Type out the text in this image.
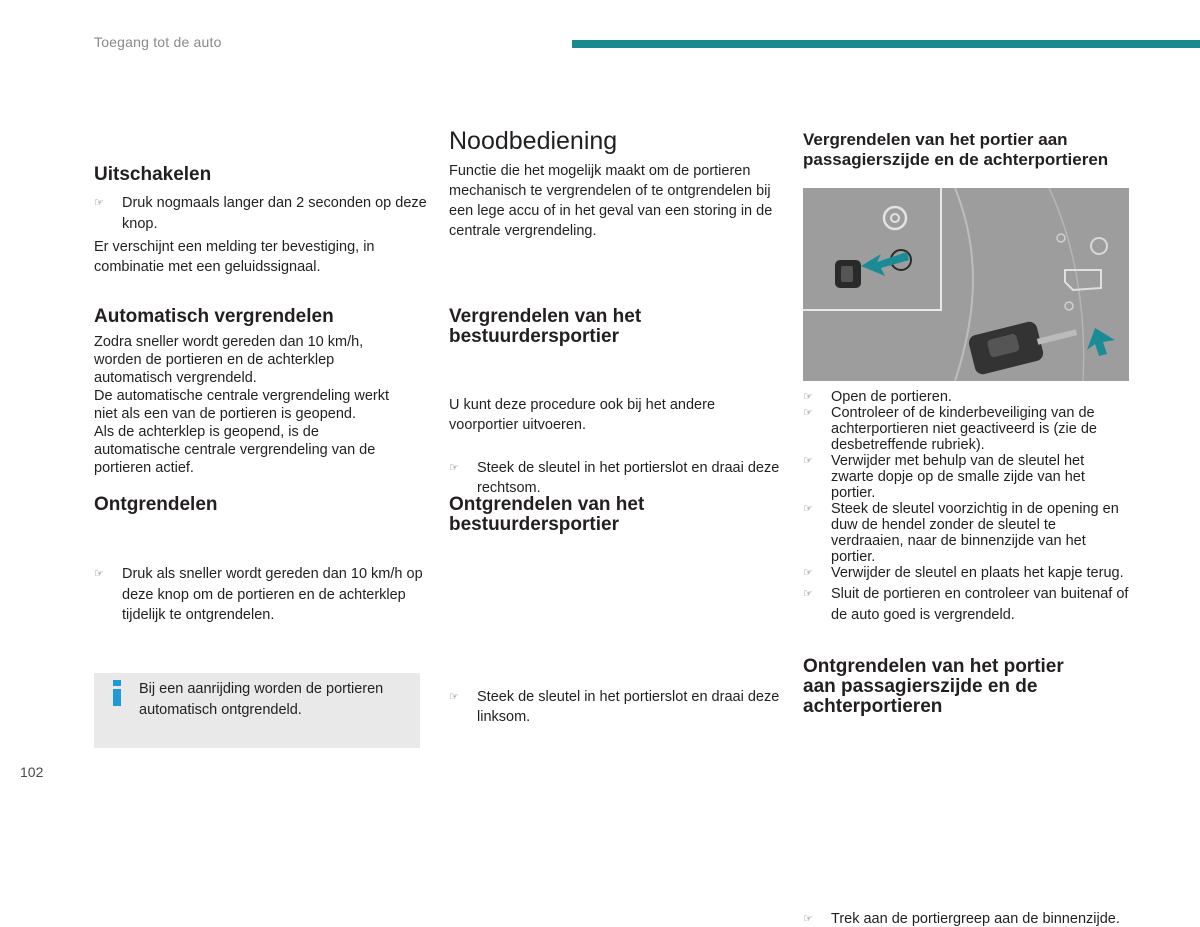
Toegang tot de auto
Uitschakelen
☞ Druk nogmaals langer dan 2 seconden op deze knop.

Er verschijnt een melding ter bevestiging, in combinatie met een geluidssignaal.

Automatisch vergrendelen
Zodra sneller wordt gereden dan 10 km/h,
worden de portieren en de achterklep
automatisch vergrendeld.
De automatische centrale vergrendeling werkt
niet als een van de portieren is geopend.
Als de achterklep is geopend, is de
automatische centrale vergrendeling van de
portieren actief.
Ontgrendelen
☞ Druk als sneller wordt gereden dan 10 km/h op deze knop om de portieren en de achterklep tijdelijk te ontgrendelen.
Bij een aanrijding worden de portieren automatisch ontgrendeld.
Noodbediening

Functie die het mogelijk maakt om de portieren mechanisch te vergrendelen of te ontgrendelen bij een lege accu of in het geval van een storing in de centrale vergrendeling.

Vergrendelen van het
bestuurdersportier
☞ Steek de sleutel in het portierslot en draai deze rechtsom.

U kunt deze procedure ook bij het andere voorportier uitvoeren.

Ontgrendelen van het
bestuurdersportier
☞ Steek de sleutel in het portierslot en draai deze linksom.
Vergrendelen van het portier aan
passagierszijde en de achterportieren
☞ Open de portieren.
☞ Controleer of de kinderbeveiliging van de achterportieren niet geactiveerd is (zie de desbetreffende rubriek).
☞ Verwijder met behulp van de sleutel het zwarte dopje op de smalle zijde van het portier.
☞ Steek de sleutel voorzichtig in de opening en duw de hendel zonder de sleutel te verdraaien, naar de binnenzijde van het portier.
☞ Verwijder de sleutel en plaats het kapje terug.
☞ Sluit de portieren en controleer van buitenaf of de auto goed is vergrendeld.
Ontgrendelen van het portier
aan passagierszijde en de
achterportieren
☞ Trek aan de portiergreep aan de binnenzijde.
102
